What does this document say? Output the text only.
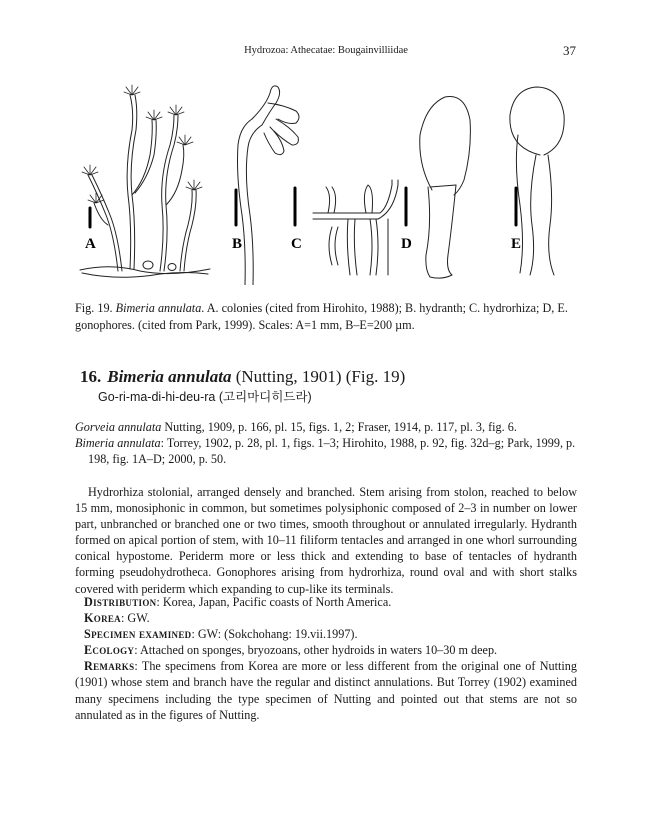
Hydrozoa: Athecatae: Bougainvilliidae	37
A	B	C	D	E
Fig. 19. Bimeria annulata. A. colonies (cited from Hirohito, 1988); B. hydranth; C. hydrorhiza; D, E. gonophores. (cited from Park, 1999). Scales: A=1 mm, B–E=200 µm.
16. Bimeria annulata (Nutting, 1901) (Fig. 19)
Go-ri-ma-di-hi-deu-ra (고리마디히드라)

Gorveia annulata Nutting, 1909, p. 166, pl. 15, figs. 1, 2; Fraser, 1914, p. 117, pl. 3, fig. 6.

Bimeria annulata: Torrey, 1902, p. 28, pl. 1, figs. 1–3; Hirohito, 1988, p. 92, fig. 32d–g; Park, 1999, p. 198, fig. 1A–D; 2000, p. 50.

Hydrorhiza stolonial, arranged densely and branched. Stem arising from stolon, reached to below 15 mm, monosiphonic in common, but sometimes polysiphonic composed of 2–3 in number on lower part, unbranched or branched one or two times, smooth throughout or annulated irregularly. Hydranth formed on apical portion of stem, with 10–11 filiform tentacles and arranged in one whorl surrounding conical hypostome. Periderm more or less thick and extending to base of tentacles of hydranth forming pseudohydrotheca. Gonophores arising from hydrorhiza, round oval and with short stalks covered with periderm which expanding to cup-like its terminals.

Distribution: Korea, Japan, Pacific coasts of North America.

Korea: GW.

Specimen examined: GW: (Sokchohang: 19.vii.1997).

Ecology: Attached on sponges, bryozoans, other hydroids in waters 10–30 m deep.

Remarks: The specimens from Korea are more or less different from the original one of Nutting (1901) whose stem and branch have the regular and distinct annulations. But Torrey (1902) examined many specimens including the type specimen of Nutting and pointed out that stems are not so annulated as in the figures of Nutting.
